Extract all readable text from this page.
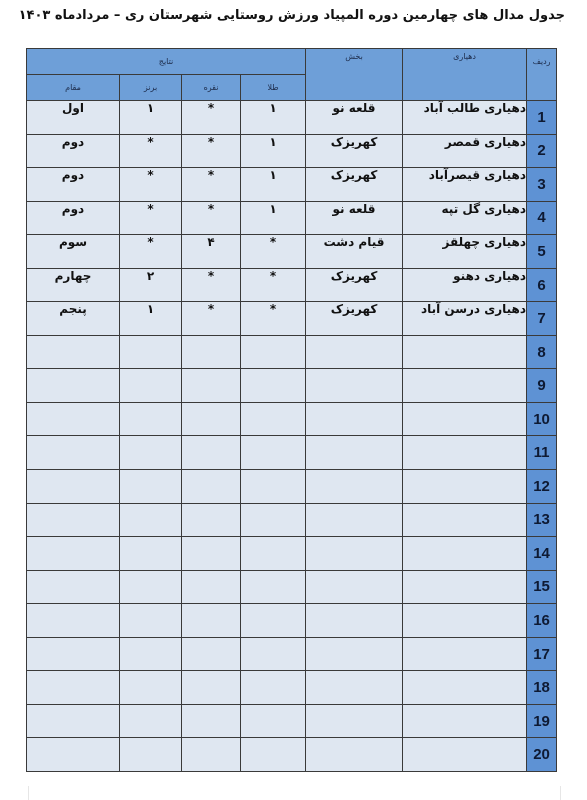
جدول مدال های چهارمین دوره المپیاد ورزش روستایی شهرستان ری – مردادماه ۱۴۰۳
ردیف	دهیاری	بخش	نتایج			
			طلا	نقره	برنز	مقام
1	دهیاری طالب آباد	قلعه نو	۱	*	۱	اول
2	دهیاری قمصر	کهریزک	۱	*	*	دوم
3	دهیاری قیصرآباد	کهریزک	۱	*	*	دوم
4	دهیاری گل تپه	قلعه نو	۱	*	*	دوم
5	دهیاری چهلقز	قیام دشت	*	۴	*	سوم
6	دهیاری دهنو	کهریزک	*	*	۲	چهارم
7	دهیاری درسن آباد	کهریزک	*	*	۱	پنجم
8						
9						
10						
11						
12						
13						
14						
15						
16						
17						
18						
19						
20						
